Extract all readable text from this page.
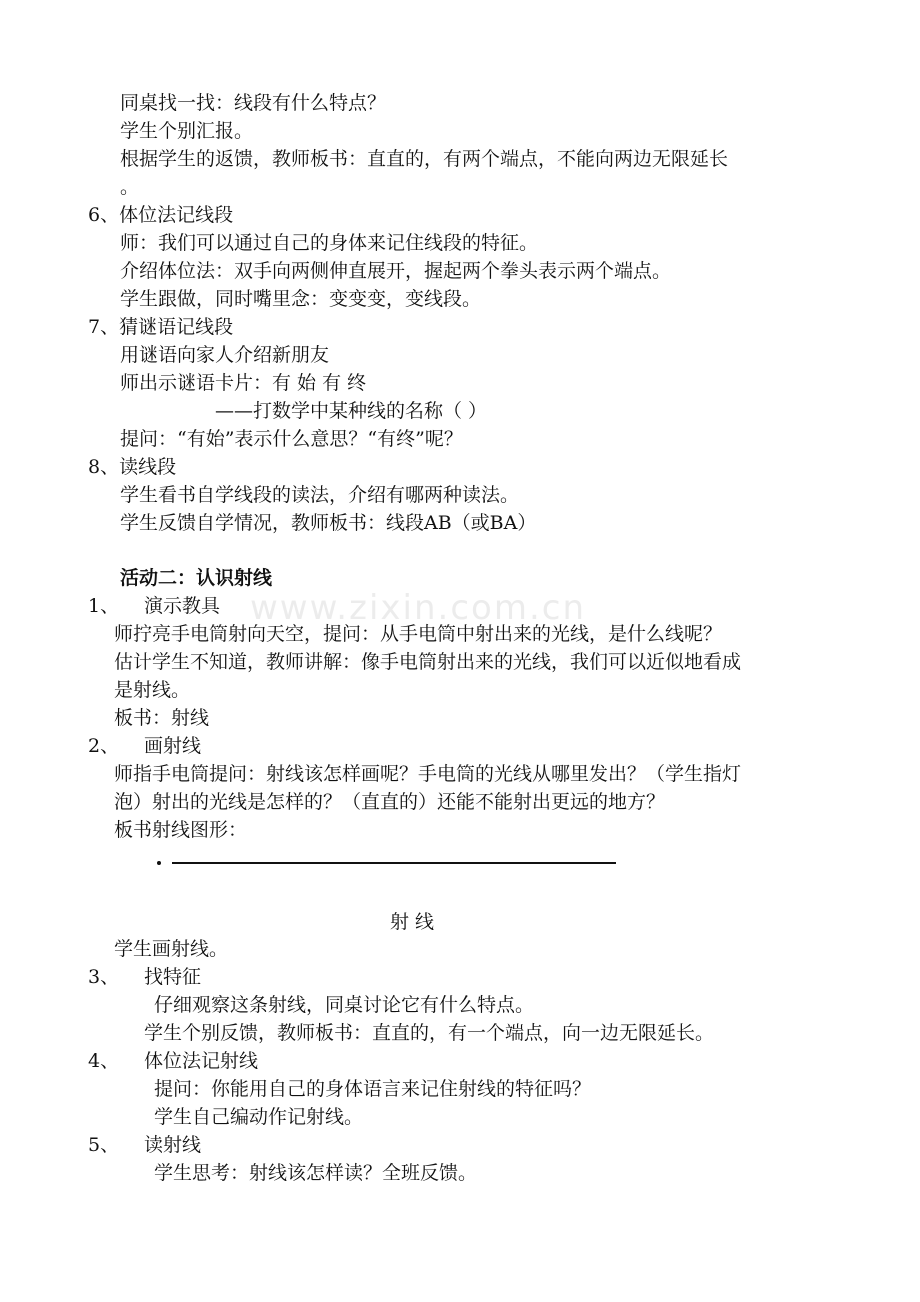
同桌找一找：线段有什么特点？
学生个别汇报。
根据学生的返馈，教师板书：直直的，有两个端点，不能向两边无限延长
。
6、体位法记线段
师：我们可以通过自己的身体来记住线段的特征。
介绍体位法：双手向两侧伸直展开，握起两个拳头表示两个端点。
学生跟做，同时嘴里念：变变变，变线段。
7、猜谜语记线段
用谜语向家人介绍新朋友
师出示谜语卡片：有 始 有 终
——打数学中某种线的名称（ ）
提问：“有始”表示什么意思？“有终”呢？
8、读线段
学生看书自学线段的读法，介绍有哪两种读法。
学生反馈自学情况，教师板书：线段AB（或BA）
活动二：认识射线
1、 演示教具
师拧亮手电筒射向天空，提问：从手电筒中射出来的光线，是什么线呢？
估计学生不知道，教师讲解：像手电筒射出来的光线，我们可以近似地看成
是射线。
板书：射线
2、 画射线
师指手电筒提问：射线该怎样画呢？手电筒的光线从哪里发出？（学生指灯
泡）射出的光线是怎样的？（直直的）还能不能射出更远的地方？
板书射线图形：
射 线
学生画射线。
3、 找特征
仔细观察这条射线，同桌讨论它有什么特点。
学生个别反馈，教师板书：直直的，有一个端点，向一边无限延长。
4、 体位法记射线
提问：你能用自己的身体语言来记住射线的特征吗？
学生自己编动作记射线。
5、 读射线
学生思考：射线该怎样读？全班反馈。
www.zixin.com.cn
